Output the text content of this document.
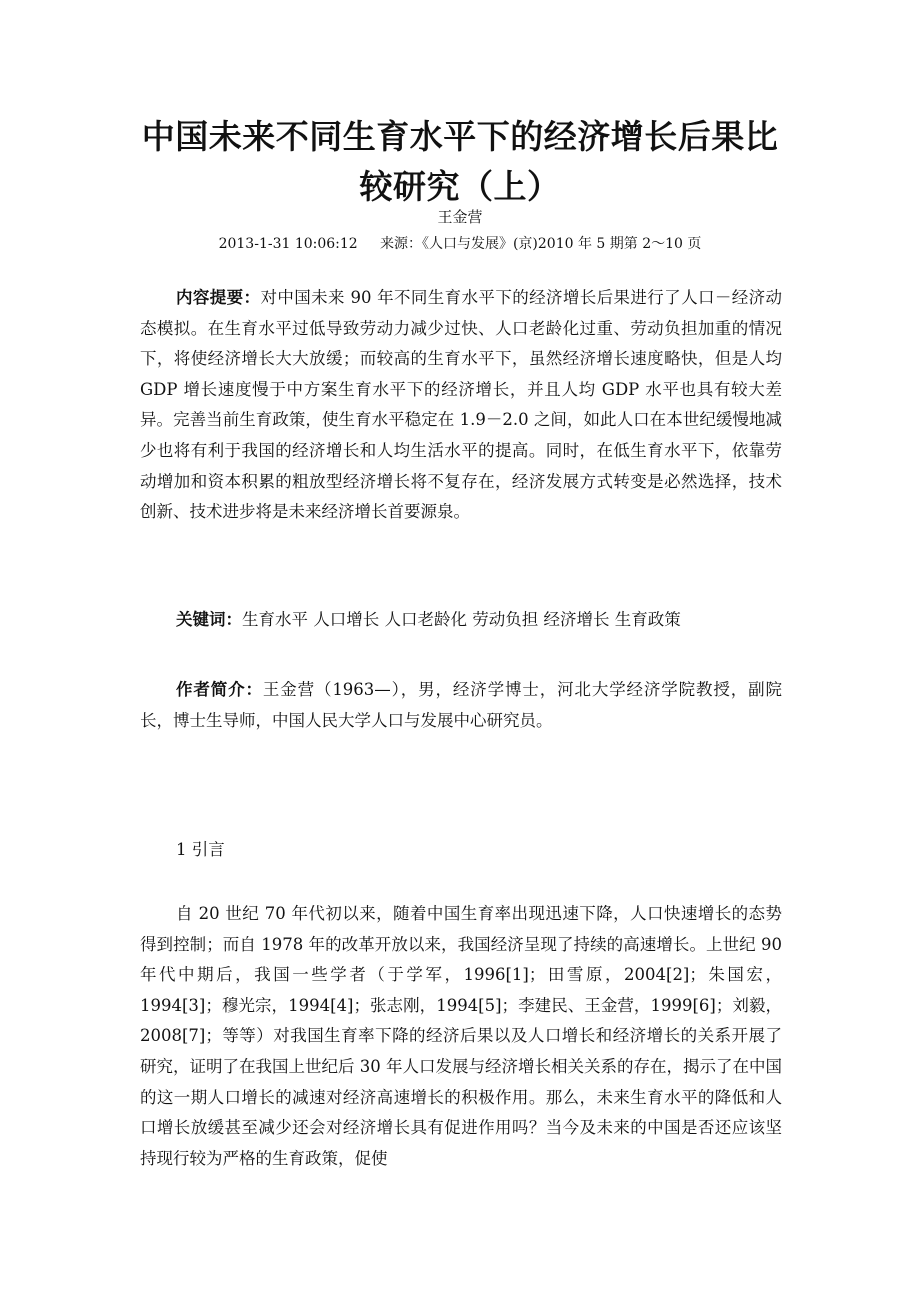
中国未来不同生育水平下的经济增长后果比
较研究（上）
王金营
2013-1-31 10:06:12     来源：《人口与发展》(京)2010 年 5 期第 2～10 页

内容提要：对中国未来 90 年不同生育水平下的经济增长后果进行了人口－经济动态模拟。在生育水平过低导致劳动力减少过快、人口老龄化过重、劳动负担加重的情况下，将使经济增长大大放缓；而较高的生育水平下，虽然经济增长速度略快，但是人均 GDP 增长速度慢于中方案生育水平下的经济增长，并且人均 GDP 水平也具有较大差异。完善当前生育政策，使生育水平稳定在 1.9－2.0 之间，如此人口在本世纪缓慢地减少也将有利于我国的经济增长和人均生活水平的提高。同时，在低生育水平下，依靠劳动增加和资本积累的粗放型经济增长将不复存在，经济发展方式转变是必然选择，技术创新、技术进步将是未来经济增长首要源泉。

关键词：生育水平 人口增长 人口老龄化 劳动负担 经济增长 生育政策

作者简介：王金营（1963—），男，经济学博士，河北大学经济学院教授，副院长，博士生导师，中国人民大学人口与发展中心研究员。

1 引言

自 20 世纪 70 年代初以来，随着中国生育率出现迅速下降，人口快速增长的态势得到控制；而自 1978 年的改革开放以来，我国经济呈现了持续的高速增长。上世纪 90 年代中期后，我国一些学者（于学军，1996[1]；田雪原，2004[2]；朱国宏，1994[3]；穆光宗，1994[4]；张志刚，1994[5]；李建民、王金营，1999[6]；刘毅，2008[7]；等等）对我国生育率下降的经济后果以及人口增长和经济增长的关系开展了研究，证明了在我国上世纪后 30 年人口发展与经济增长相关关系的存在，揭示了在中国的这一期人口增长的减速对经济高速增长的积极作用。那么，未来生育水平的降低和人口增长放缓甚至减少还会对经济增长具有促进作用吗？当今及未来的中国是否还应该坚持现行较为严格的生育政策，促使
